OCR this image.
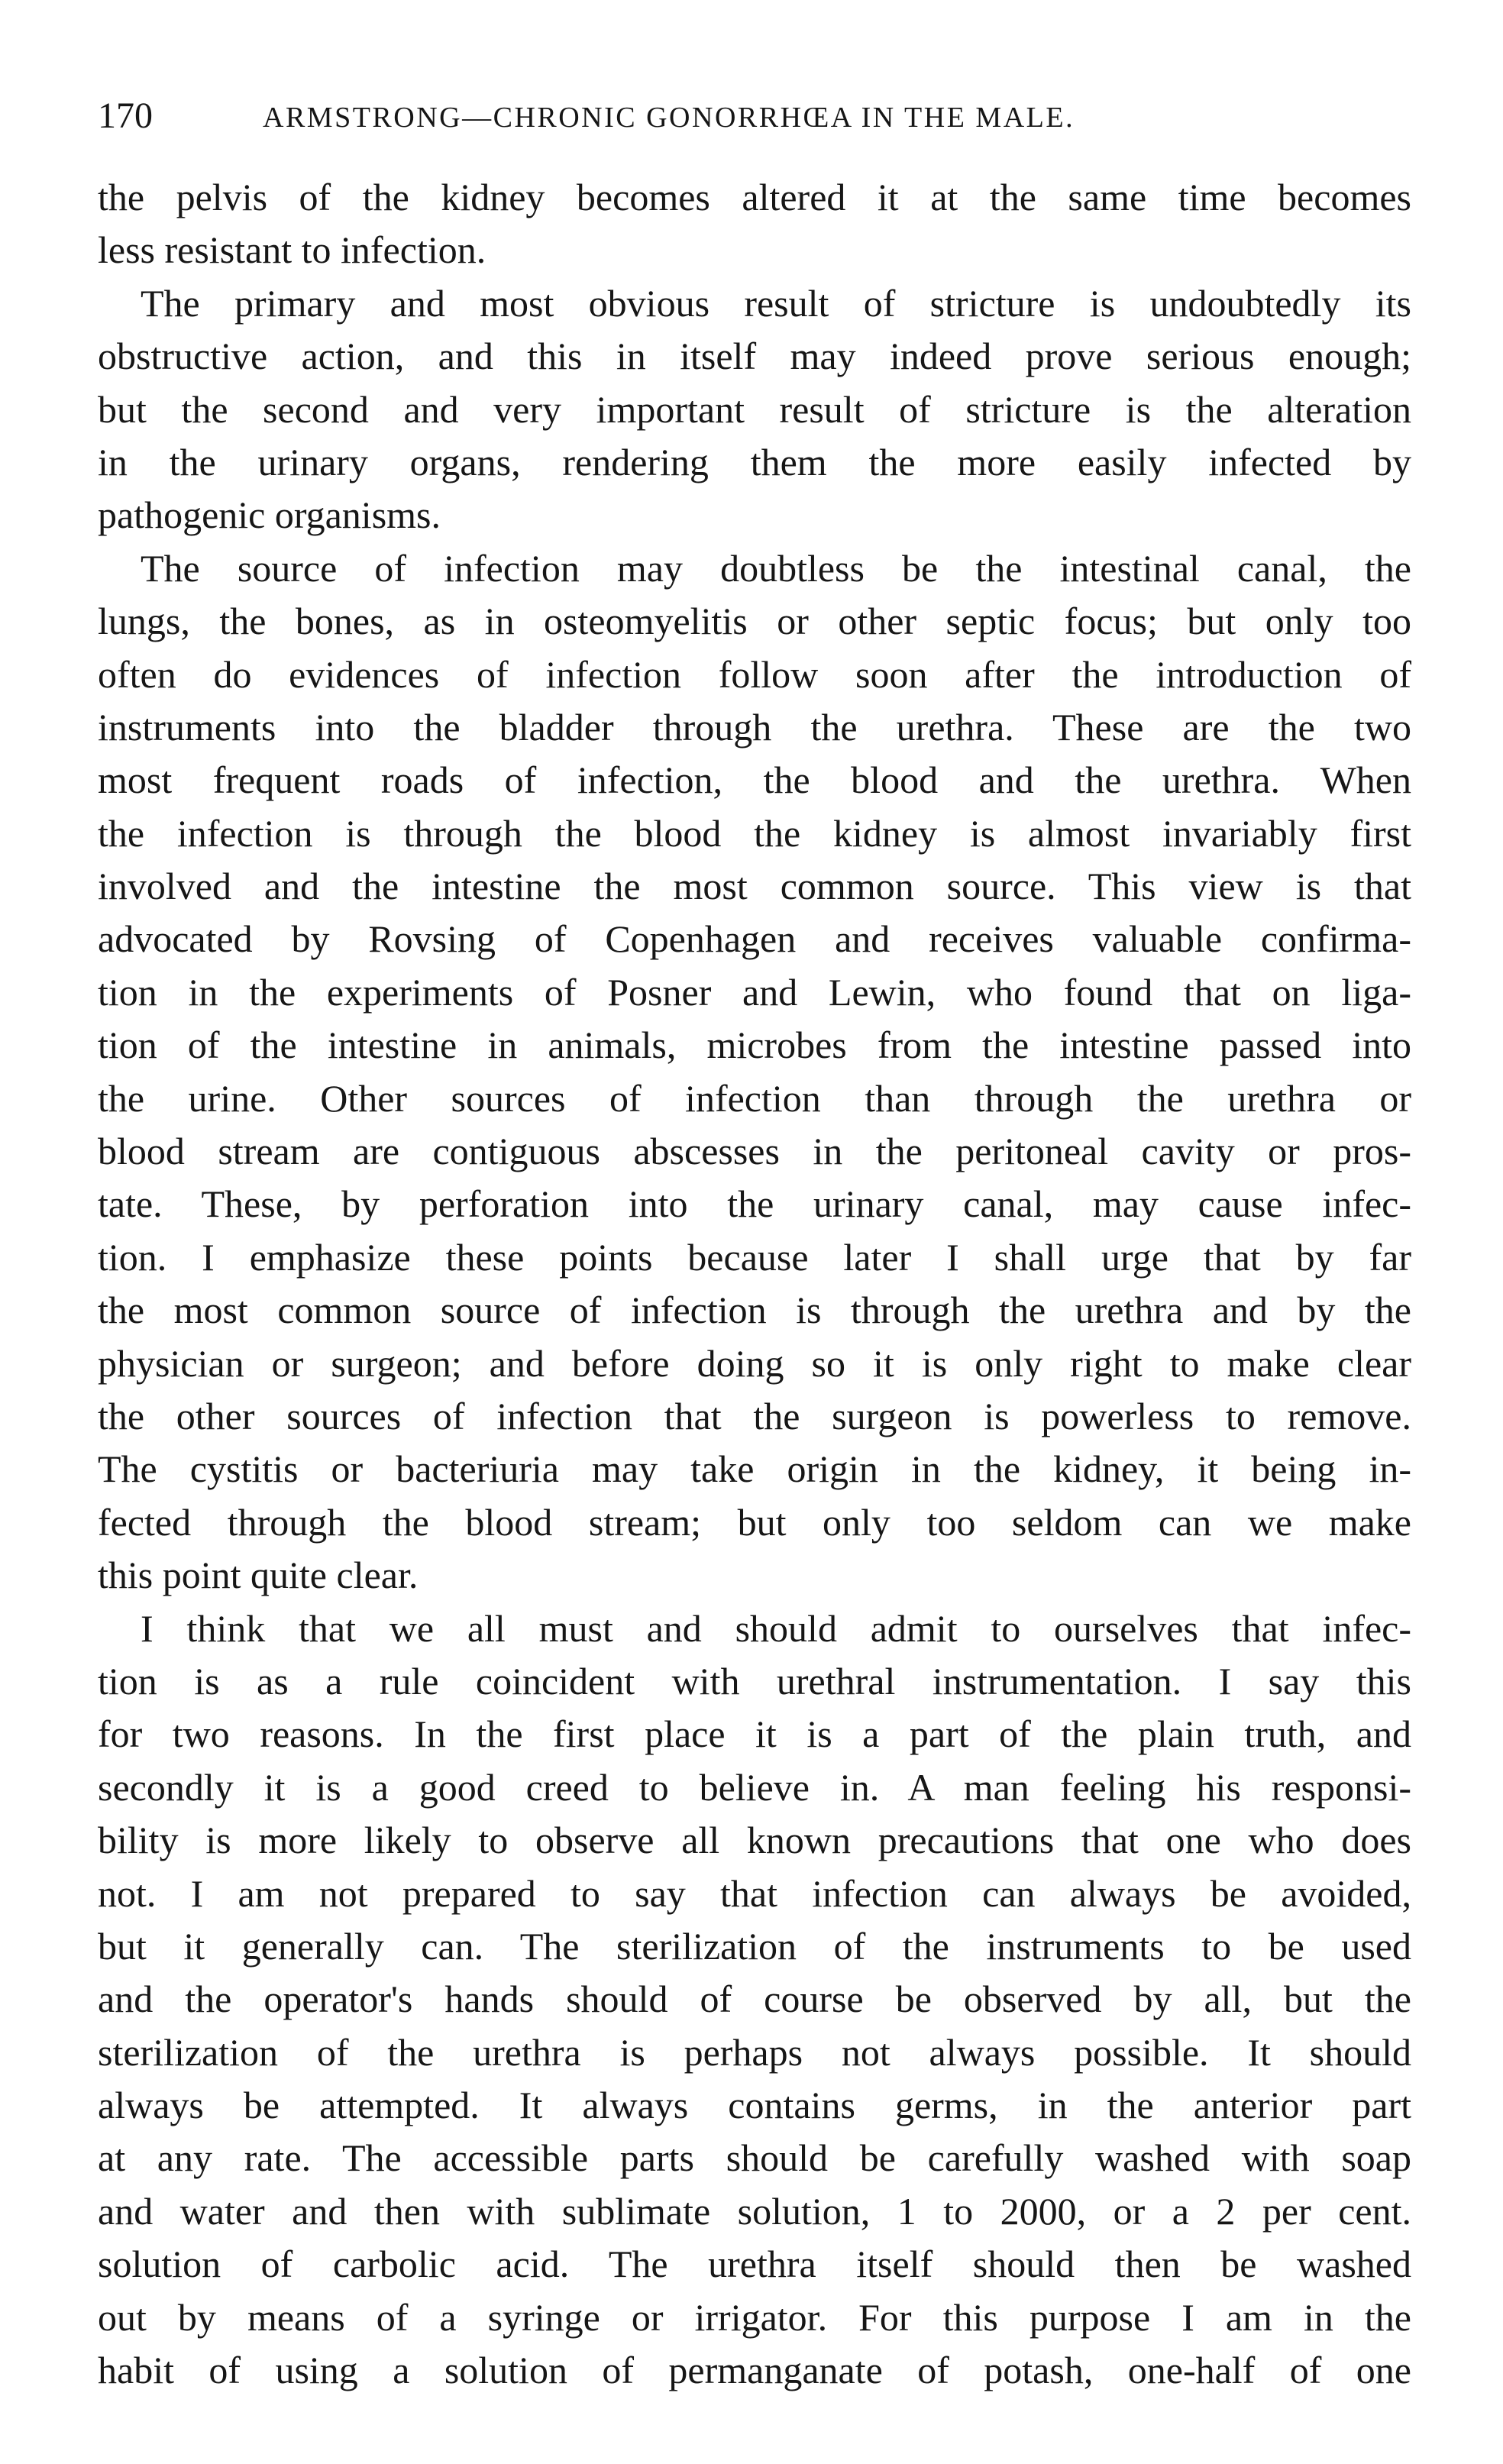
170	ARMSTRONG—CHRONIC GONORRHŒA IN THE MALE.
the pelvis of the kidney becomes altered it at the same time becomes
less resistant to infection.
The primary and most obvious result of stricture is undoubtedly its
obstructive action, and this in itself may indeed prove serious enough;
but the second and very important result of stricture is the alteration
in the urinary organs, rendering them the more easily infected by
pathogenic organisms.
The source of infection may doubtless be the intestinal canal, the
lungs, the bones, as in osteomyelitis or other septic focus; but only too
often do evidences of infection follow soon after the introduction of
instruments into the bladder through the urethra. These are the two
most frequent roads of infection, the blood and the urethra. When
the infection is through the blood the kidney is almost invariably first
involved and the intestine the most common source. This view is that
advocated by Rovsing of Copenhagen and receives valuable confirma-
tion in the experiments of Posner and Lewin, who found that on liga-
tion of the intestine in animals, microbes from the intestine passed into
the urine. Other sources of infection than through the urethra or
blood stream are contiguous abscesses in the peritoneal cavity or pros-
tate. These, by perforation into the urinary canal, may cause infec-
tion. I emphasize these points because later I shall urge that by far
the most common source of infection is through the urethra and by the
physician or surgeon; and before doing so it is only right to make clear
the other sources of infection that the surgeon is powerless to remove.
The cystitis or bacteriuria may take origin in the kidney, it being in-
fected through the blood stream; but only too seldom can we make
this point quite clear.
I think that we all must and should admit to ourselves that infec-
tion is as a rule coincident with urethral instrumentation. I say this
for two reasons. In the first place it is a part of the plain truth, and
secondly it is a good creed to believe in. A man feeling his responsi-
bility is more likely to observe all known precautions that one who does
not. I am not prepared to say that infection can always be avoided,
but it generally can. The sterilization of the instruments to be used
and the operator's hands should of course be observed by all, but the
sterilization of the urethra is perhaps not always possible. It should
always be attempted. It always contains germs, in the anterior part
at any rate. The accessible parts should be carefully washed with soap
and water and then with sublimate solution, 1 to 2000, or a 2 per cent.
solution of carbolic acid. The urethra itself should then be washed
out by means of a syringe or irrigator. For this purpose I am in the
habit of using a solution of permanganate of potash, one-half of one
